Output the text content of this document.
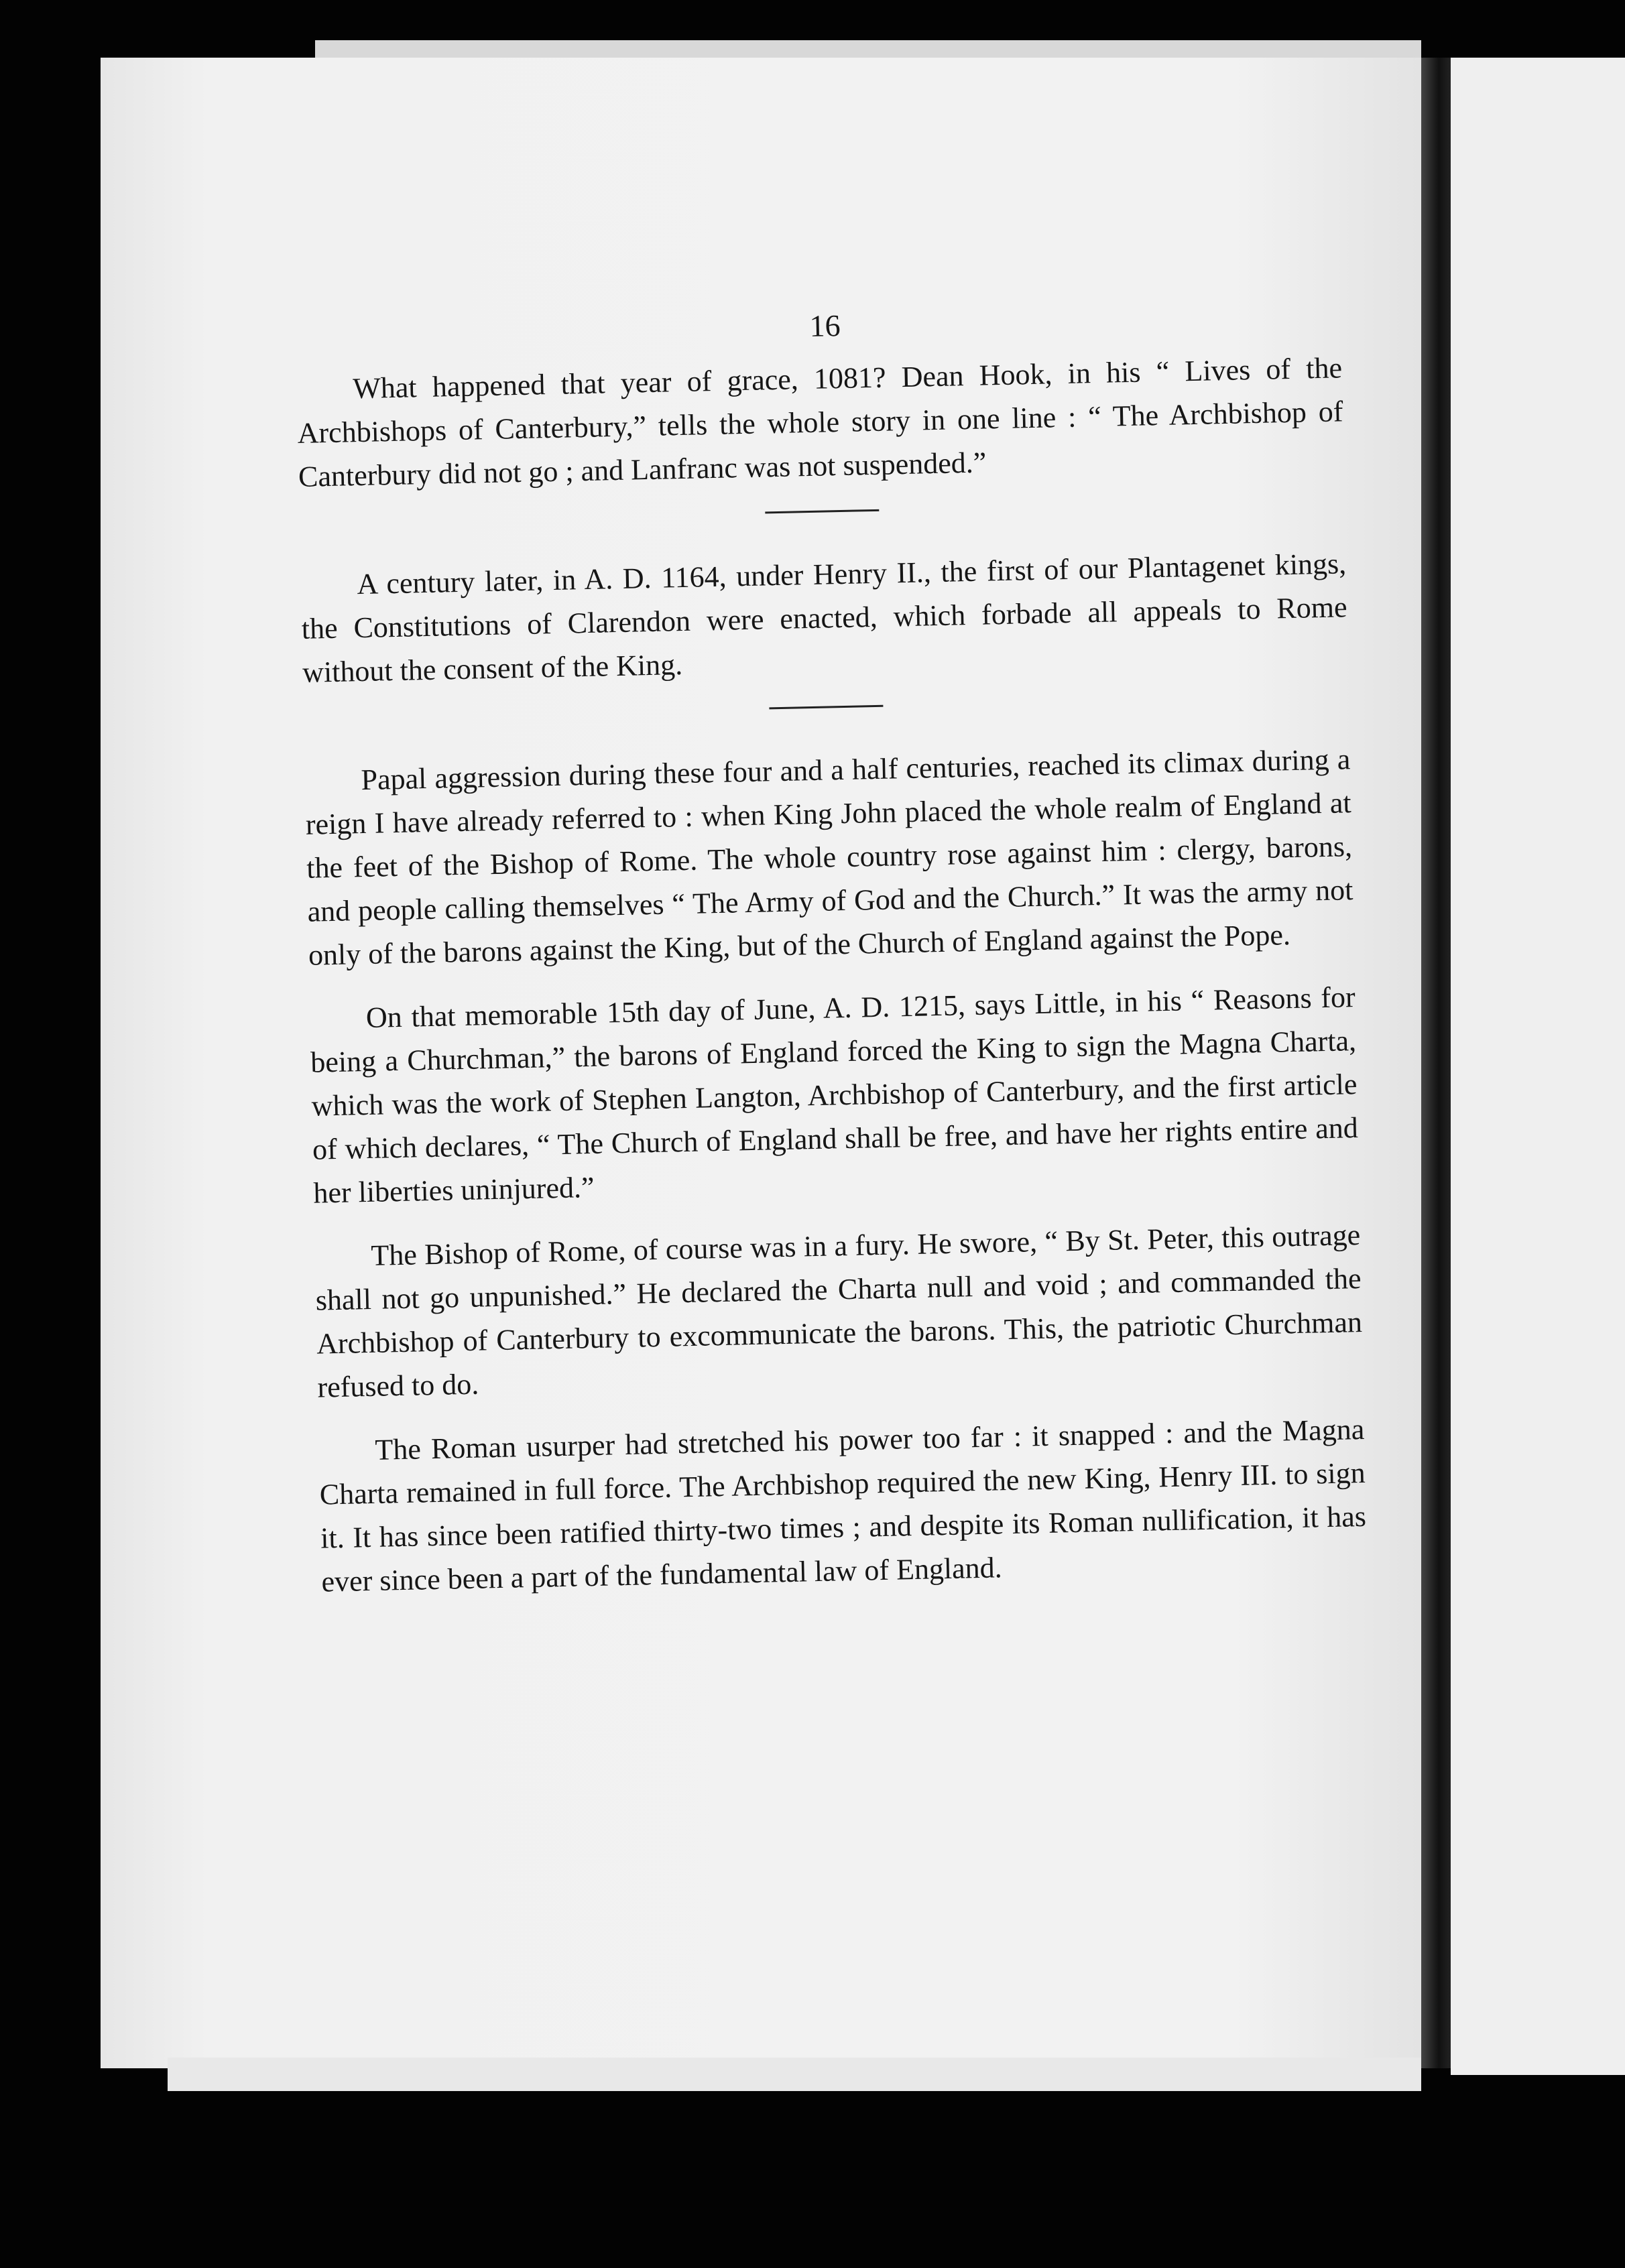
16

What happened that year of grace, 1081? Dean Hook, in his “ Lives of the Archbishops of Canterbury,” tells the whole story in one line : “ The Archbishop of Canterbury did not go ; and Lanfranc was not suspended.”

A century later, in A. D. 1164, under Henry II., the first of our Plantagenet kings, the Constitutions of Clarendon were enacted, which forbade all appeals to Rome without the consent of the King.

Papal aggression during these four and a half centuries, reached its climax during a reign I have already referred to : when King John placed the whole realm of England at the feet of the Bishop of Rome. The whole country rose against him : clergy, barons, and people calling themselves “ The Army of God and the Church.” It was the army not only of the barons against the King, but of the Church of England against the Pope.

On that memorable 15th day of June, A. D. 1215, says Little, in his “ Reasons for being a Churchman,” the barons of England forced the King to sign the Magna Charta, which was the work of Stephen Langton, Archbishop of Canterbury, and the first article of which declares, “ The Church of England shall be free, and have her rights entire and her liberties uninjured.”

The Bishop of Rome, of course was in a fury. He swore, “ By St. Peter, this outrage shall not go unpunished.” He declared the Charta null and void ; and commanded the Archbishop of Canterbury to excommunicate the barons. This, the patriotic Churchman refused to do.

The Roman usurper had stretched his power too far : it snapped : and the Magna Charta remained in full force. The Archbishop required the new King, Henry III. to sign it. It has since been ratified thirty-two times ; and despite its Roman nullification, it has ever since been a part of the fundamental law of England.
